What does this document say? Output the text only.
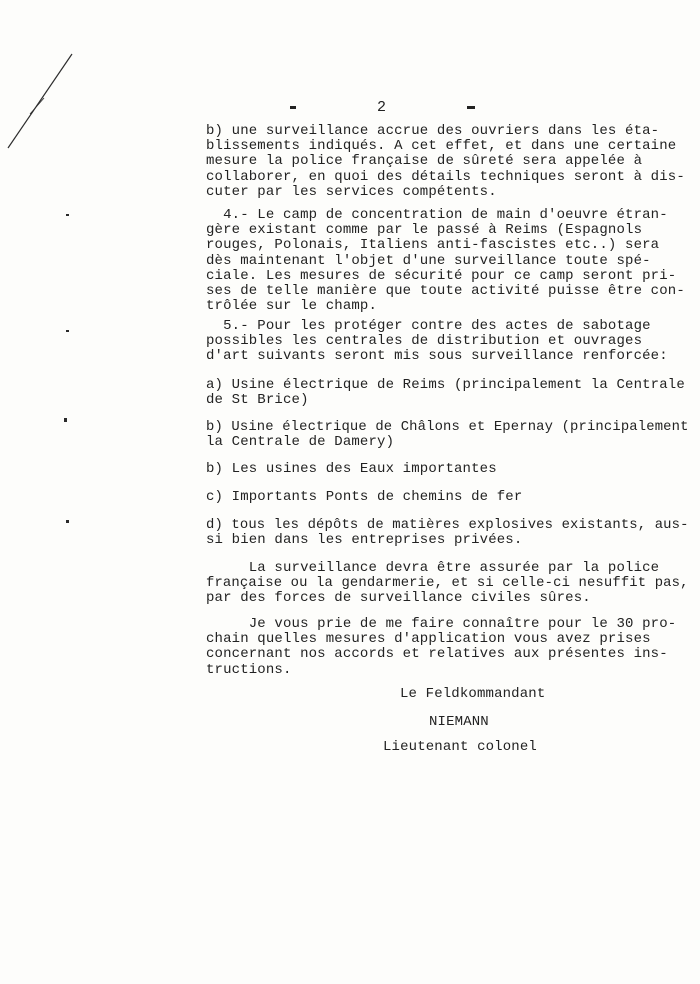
2

b) une surveillance accrue des ouvriers dans les éta-
blissements indiqués. A cet effet, et dans une certaine
mesure la police française de sûreté sera appelée à
collaborer, en quoi des détails techniques seront à dis-
cuter par les services compétents.
4.- Le camp de concentration de main d'oeuvre étran-
gère existant comme par le passé à Reims (Espagnols
rouges, Polonais, Italiens anti-fascistes etc..) sera
dès maintenant l'objet d'une surveillance toute spé-
ciale. Les mesures de sécurité pour ce camp seront pri-
ses de telle manière que toute activité puisse être con-
trôlée sur le champ.
5.- Pour les protéger contre des actes de sabotage
possibles les centrales de distribution et ouvrages
d'art suivants seront mis sous surveillance renforcée:
a) Usine électrique de Reims (principalement la Centrale
de St Brice)
b) Usine électrique de Châlons et Epernay (principalement
la Centrale de Damery)
b) Les usines des Eaux importantes
c) Importants Ponts de chemins de fer
d) tous les dépôts de matières explosives existants, aus-
si bien dans les entreprises privées.
La surveillance devra être assurée par la police
française ou la gendarmerie, et si celle-ci nesuffit pas,
par des forces de surveillance civiles sûres.
Je vous prie de me faire connaître pour le 30 pro-
chain quelles mesures d'application vous avez prises
concernant nos accords et relatives aux présentes ins-
tructions.
Le Feldkommandant
NIEMANN
Lieutenant colonel
